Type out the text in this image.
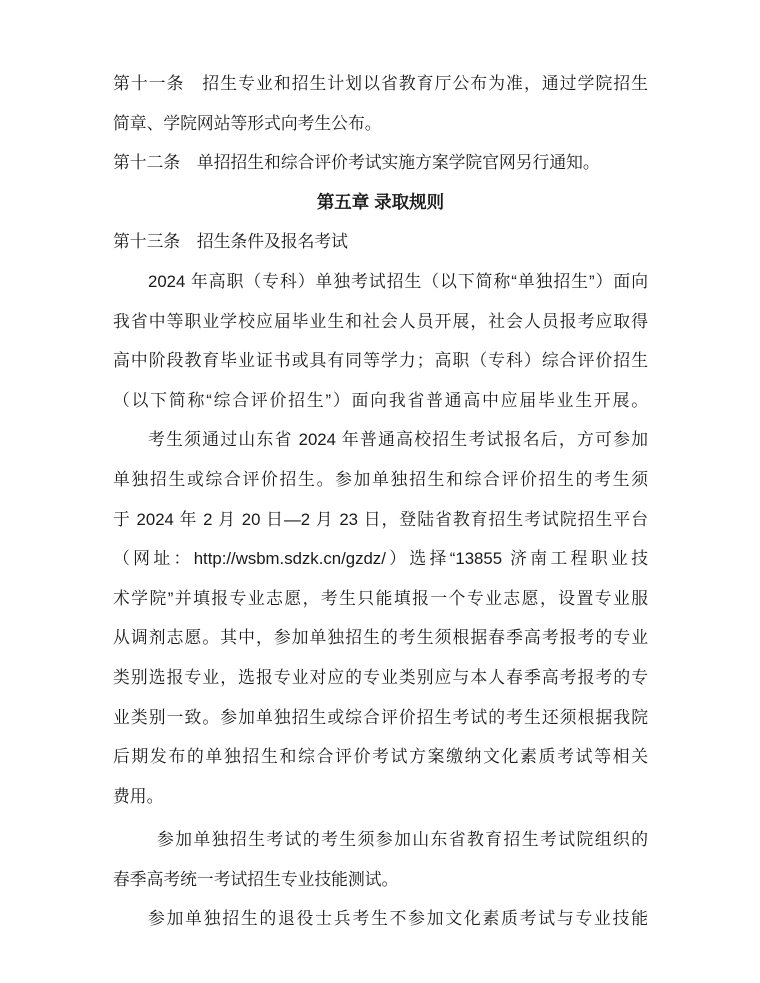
第十一条　招生专业和招生计划以省教育厅公布为准，通过学院招生
简章、学院网站等形式向考生公布。
第十二条　单招招生和综合评价考试实施方案学院官网另行通知。
第五章 录取规则
第十三条　招生条件及报名考试
2024 年高职（专科）单独考试招生（以下简称“单独招生”）面向
我省中等职业学校应届毕业生和社会人员开展，社会人员报考应取得
高中阶段教育毕业证书或具有同等学力；高职（专科）综合评价招生
（以下简称“综合评价招生”）面向我省普通高中应届毕业生开展。
考生须通过山东省 2024 年普通高校招生考试报名后，方可参加
单独招生或综合评价招生。参加单独招生和综合评价招生的考生须
于 2024 年 2 月 20 日—2 月 23 日，登陆省教育招生考试院招生平台
（网址：http://wsbm.sdzk.cn/gzdz/）选择“13855 济南工程职业技
术学院”并填报专业志愿，考生只能填报一个专业志愿，设置专业服
从调剂志愿。其中，参加单独招生的考生须根据春季高考报考的专业
类别选报专业，选报专业对应的专业类别应与本人春季高考报考的专
业类别一致。参加单独招生或综合评价招生考试的考生还须根据我院
后期发布的单独招生和综合评价考试方案缴纳文化素质考试等相关
费用。
参加单独招生考试的考生须参加山东省教育招生考试院组织的
春季高考统一考试招生专业技能测试。
参加单独招生的退役士兵考生不参加文化素质考试与专业技能
